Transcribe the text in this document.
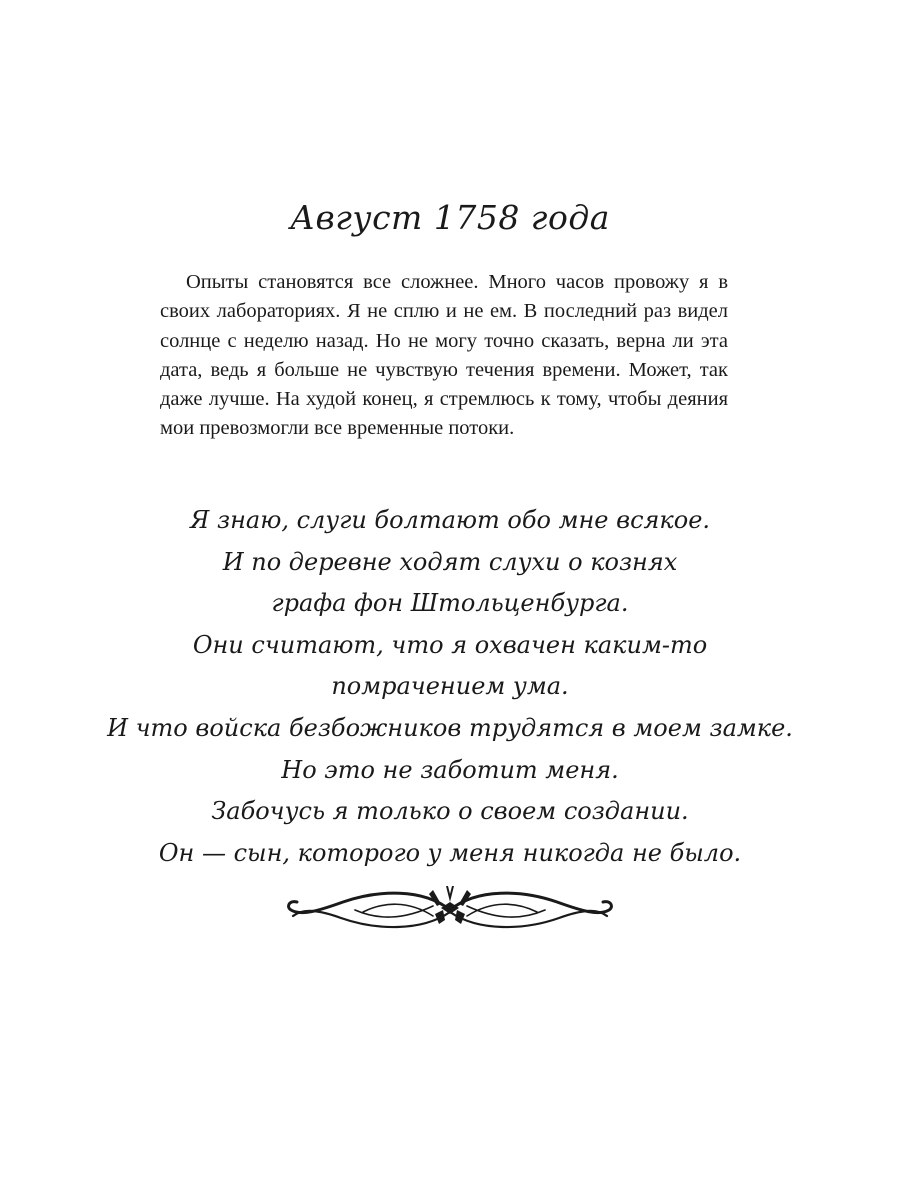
Август 1758 года

Опыты становятся все сложнее. Много часов провожу я в своих лабораториях. Я не сплю и не ем. В последний раз видел солнце с неделю назад. Но не могу точно сказать, верна ли эта дата, ведь я больше не чувствую течения времени. Может, так даже лучше. На худой конец, я стремлюсь к тому, чтобы деяния мои превозмогли все временные потоки.

Я знаю, слуги болтают обо мне всякое.
И по деревне ходят слухи о кознях
графа фон Штольценбурга.
Они считают, что я охвачен каким-то
помрачением ума.
И что войска безбожников трудятся в моем замке.
Но это не заботит меня.
Забочусь я только о своем создании.
Он — сын, которого у меня никогда не было.
